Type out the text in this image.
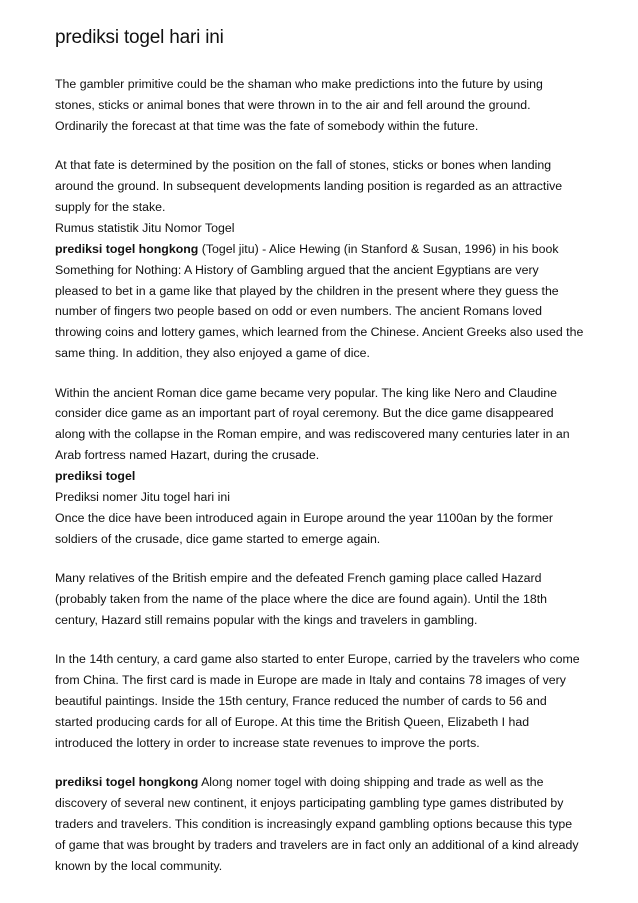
prediksi togel hari ini

The gambler primitive could be the shaman who make predictions into the future by using stones, sticks or animal bones that were thrown in to the air and fell around the ground. Ordinarily the forecast at that time was the fate of somebody within the future.

At that fate is determined by the position on the fall of stones, sticks or bones when landing around the ground. In subsequent developments landing position is regarded as an attractive supply for the stake.
Rumus statistik Jitu Nomor Togel
prediksi togel hongkong (Togel jitu) - Alice Hewing (in Stanford & Susan, 1996) in his book Something for Nothing: A History of Gambling argued that the ancient Egyptians are very pleased to bet in a game like that played by the children in the present where they guess the number of fingers two people based on odd or even numbers. The ancient Romans loved throwing coins and lottery games, which learned from the Chinese. Ancient Greeks also used the same thing. In addition, they also enjoyed a game of dice.

Within the ancient Roman dice game became very popular. The king like Nero and Claudine consider dice game as an important part of royal ceremony. But the dice game disappeared along with the collapse in the Roman empire, and was rediscovered many centuries later in an Arab fortress named Hazart, during the crusade.
prediksi togel
Prediksi nomer Jitu togel hari ini
Once the dice have been introduced again in Europe around the year 1100an by the former soldiers of the crusade, dice game started to emerge again.

Many relatives of the British empire and the defeated French gaming place called Hazard (probably taken from the name of the place where the dice are found again). Until the 18th century, Hazard still remains popular with the kings and travelers in gambling.

In the 14th century, a card game also started to enter Europe, carried by the travelers who come from China. The first card is made in Europe are made in Italy and contains 78 images of very beautiful paintings. Inside the 15th century, France reduced the number of cards to 56 and started producing cards for all of Europe. At this time the British Queen, Elizabeth I had introduced the lottery in order to increase state revenues to improve the ports.

prediksi togel hongkong Along nomer togel with doing shipping and trade as well as the discovery of several new continent, it enjoys participating gambling type games distributed by traders and travelers. This condition is increasingly expand gambling options because this type of game that was brought by traders and travelers are in fact only an additional of a kind already known by the local community.
